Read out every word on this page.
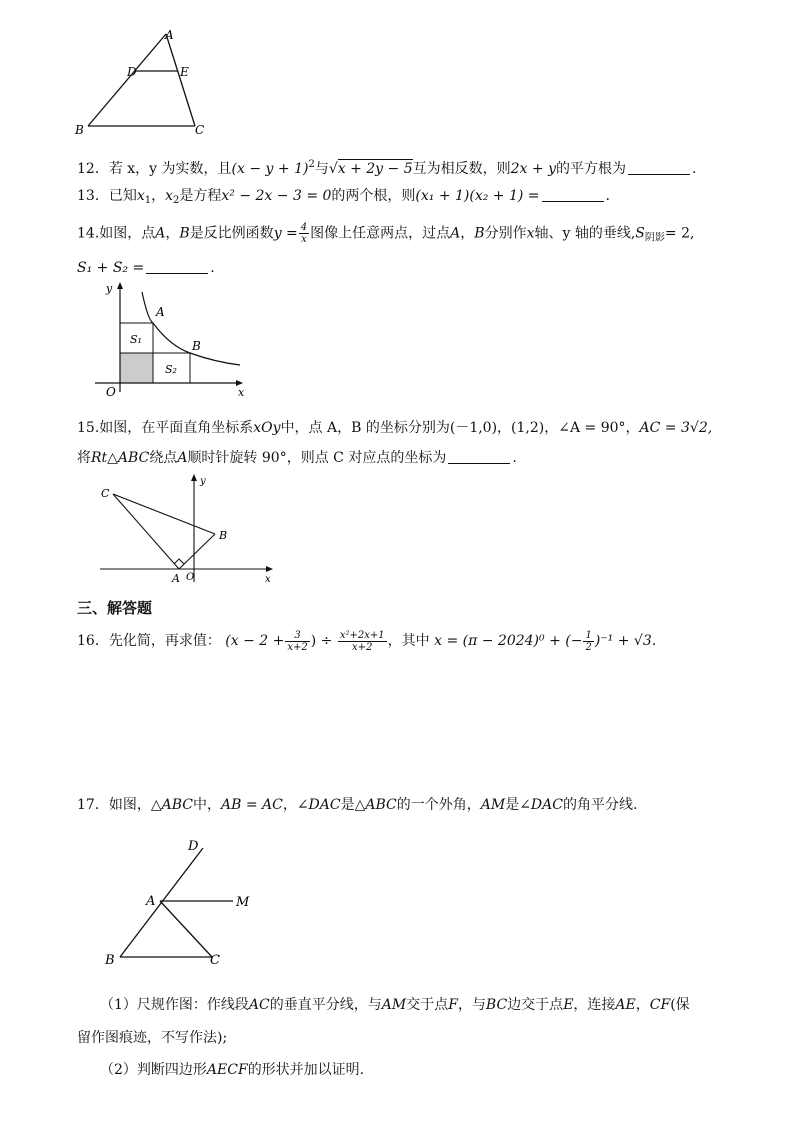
A
D	E
B	C
12．若 x，y 为实数，且$(x - y + 1)^2$与√x + 2y − 5互为相反数，则2x + y的平方根为	.
13．已知$x_1$，$x_2$是方程x² − 2x − 3 = 0的两个根，则(x₁ + 1)(x₂ + 1) =	.
14.如图，点A，B是反比例函数$y = \frac{4}{x}$ 图像上任意两点，过点A，B分别作x轴、y 轴的垂线$,S_{阴影}= 2$,
S₁ + S₂ =	.
y
x
O
A
B
S₁
S₂
15.如图，在平面直角坐标系xOy中，点 A，B 的坐标分别为(－1,0)，(1,2)，∠A = 90°，AC = 3√2,
将Rt△ABC绕点A顺时针旋转 90°，则点 C 对应点的坐标为	.
C
B
A O	x
y
三、解答题
16．先化简，再求值： ($x - 2 + \frac{3}{x+2}$ ) ÷ $\frac{\text{x²+2x+1}}{x+2}$ ，其中 x = (π − 2024)⁰ + (− $\frac{1}{2} )^{-1} + √3$.
17．如图，△ABC中，AB = AC，∠DAC是△ABC的一个外角，AM是∠DAC的角平分线.
D
A	M
B	C
（1）尺规作图：作线段AC的垂直平分线，与AM交于点F，与BC边交于点E，连接AE，CF(保
留作图痕迹，不写作法);
（2）判断四边形AECF的形状并加以证明.
